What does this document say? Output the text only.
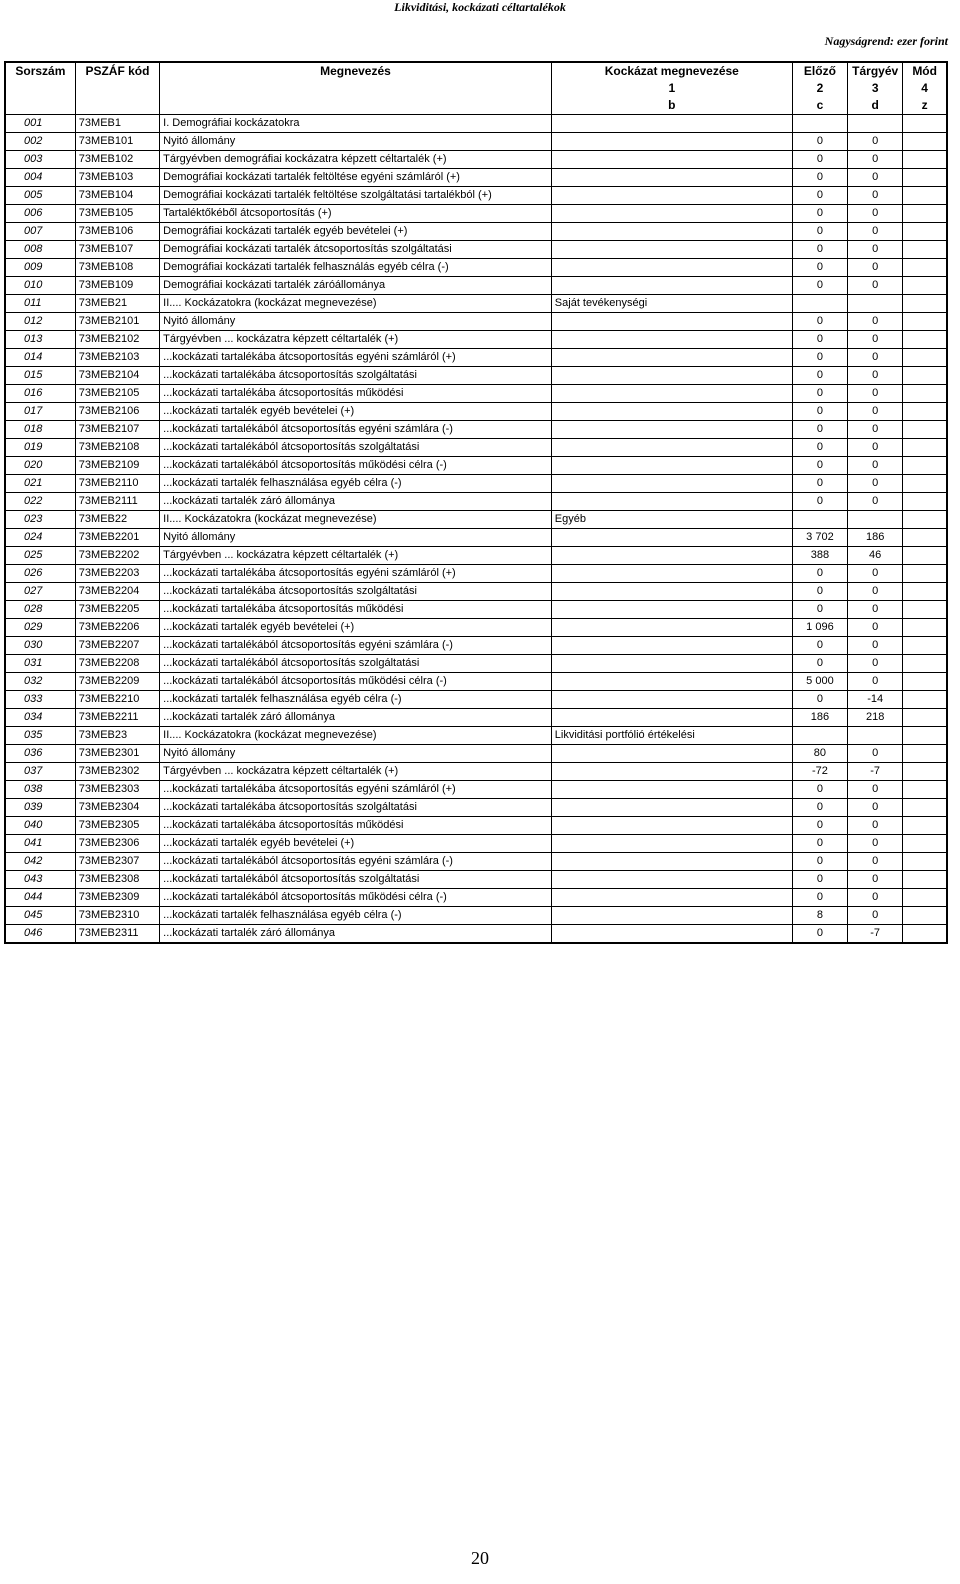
Likviditási, kockázati céltartalékok
Nagyságrend: ezer forint
Sorszám	PSZÁF kód	Megnevezés	Kockázat megnevezése	Előző	Tárgyév	Mód
			1	2	3	4
			b	c	d	z
001	73MEB1	I. Demográfiai kockázatokra				
002	73MEB101	Nyitó állomány		0	0	
003	73MEB102	Tárgyévben demográfiai kockázatra képzett céltartalék (+)		0	0	
004	73MEB103	Demográfiai kockázati tartalék feltöltése egyéni számláról (+)		0	0	
005	73MEB104	Demográfiai kockázati tartalék feltöltése szolgáltatási tartalékból (+)		0	0	
006	73MEB105	Tartaléktőkéből átcsoportosítás (+)		0	0	
007	73MEB106	Demográfiai kockázati tartalék egyéb bevételei (+)		0	0	
008	73MEB107	Demográfiai kockázati tartalék átcsoportosítás szolgáltatási		0	0	
009	73MEB108	Demográfiai kockázati tartalék felhasználás egyéb célra (-)		0	0	
010	73MEB109	Demográfiai kockázati tartalék záróállománya		0	0	
011	73MEB21	II.... Kockázatokra (kockázat megnevezése)	Saját tevékenységi			
012	73MEB2101	Nyitó állomány		0	0	
013	73MEB2102	Tárgyévben ... kockázatra képzett céltartalék (+)		0	0	
014	73MEB2103	...kockázati tartalékába átcsoportosítás egyéni számláról (+)		0	0	
015	73MEB2104	...kockázati tartalékába átcsoportosítás szolgáltatási		0	0	
016	73MEB2105	...kockázati tartalékába átcsoportosítás működési		0	0	
017	73MEB2106	...kockázati tartalék egyéb bevételei (+)		0	0	
018	73MEB2107	...kockázati tartalékából átcsoportosítás egyéni számlára (-)		0	0	
019	73MEB2108	...kockázati tartalékából átcsoportosítás szolgáltatási		0	0	
020	73MEB2109	...kockázati tartalékából átcsoportosítás működési célra (-)		0	0	
021	73MEB2110	...kockázati tartalék felhasználása egyéb célra (-)		0	0	
022	73MEB2111	...kockázati tartalék záró állománya		0	0	
023	73MEB22	II.... Kockázatokra (kockázat megnevezése)	Egyéb			
024	73MEB2201	Nyitó állomány		3 702	186	
025	73MEB2202	Tárgyévben ... kockázatra képzett céltartalék (+)		388	46	
026	73MEB2203	...kockázati tartalékába átcsoportosítás egyéni számláról (+)		0	0	
027	73MEB2204	...kockázati tartalékába átcsoportosítás szolgáltatási		0	0	
028	73MEB2205	...kockázati tartalékába átcsoportosítás működési		0	0	
029	73MEB2206	...kockázati tartalék egyéb bevételei (+)		1 096	0	
030	73MEB2207	...kockázati tartalékából átcsoportosítás egyéni számlára (-)		0	0	
031	73MEB2208	...kockázati tartalékából átcsoportosítás szolgáltatási		0	0	
032	73MEB2209	...kockázati tartalékából átcsoportosítás működési célra (-)		5 000	0	
033	73MEB2210	...kockázati tartalék felhasználása egyéb célra (-)		0	-14	
034	73MEB2211	...kockázati tartalék záró állománya		186	218	
035	73MEB23	II.... Kockázatokra (kockázat megnevezése)	Likviditási portfólió értékelési			
036	73MEB2301	Nyitó állomány		80	0	
037	73MEB2302	Tárgyévben ... kockázatra képzett céltartalék (+)		-72	-7	
038	73MEB2303	...kockázati tartalékába átcsoportosítás egyéni számláról (+)		0	0	
039	73MEB2304	...kockázati tartalékába átcsoportosítás szolgáltatási		0	0	
040	73MEB2305	...kockázati tartalékába átcsoportosítás működési		0	0	
041	73MEB2306	...kockázati tartalék egyéb bevételei (+)		0	0	
042	73MEB2307	...kockázati tartalékából átcsoportosítás egyéni számlára (-)		0	0	
043	73MEB2308	...kockázati tartalékából átcsoportosítás szolgáltatási		0	0	
044	73MEB2309	...kockázati tartalékából átcsoportosítás működési célra (-)		0	0	
045	73MEB2310	...kockázati tartalék felhasználása egyéb célra (-)		8	0	
046	73MEB2311	...kockázati tartalék záró állománya		0	-7	
20
